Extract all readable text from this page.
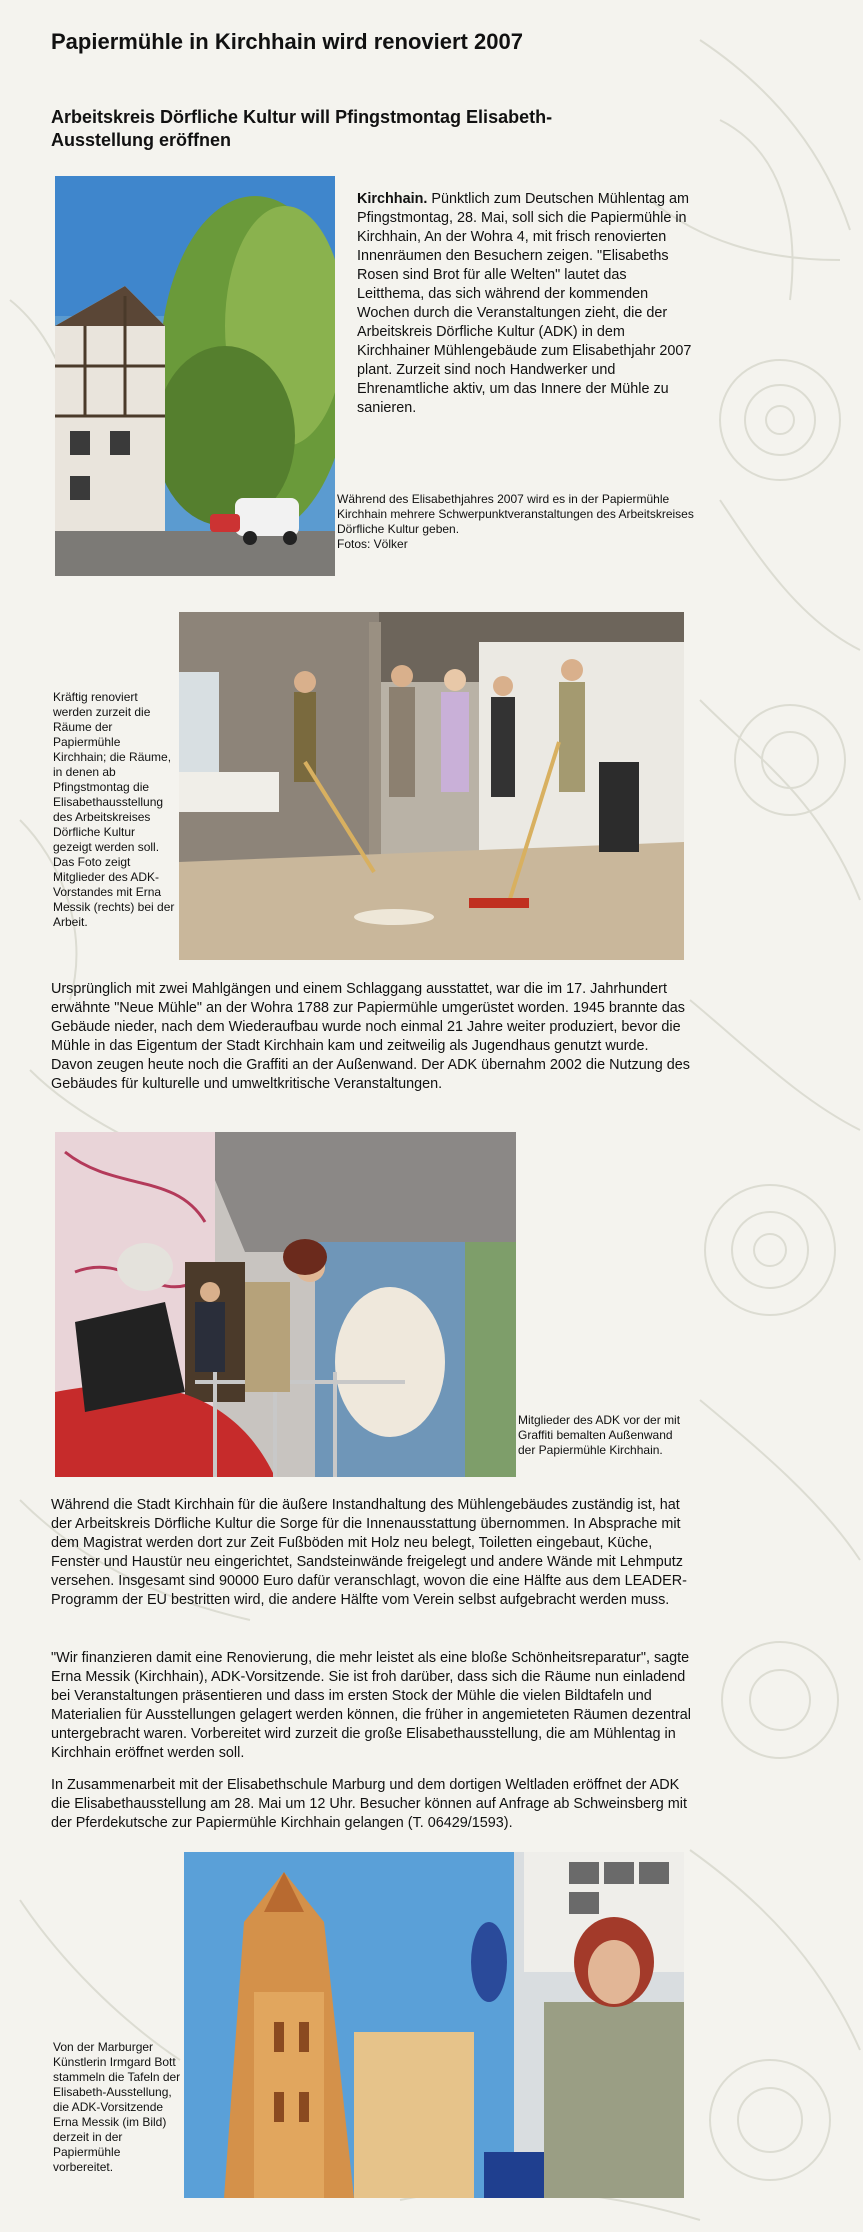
Papiermühle in Kirchhain wird renoviert 2007
Arbeitskreis Dörfliche Kultur will Pfingstmontag Elisabeth-Ausstellung eröffnen

Kirchhain. Pünktlich zum Deutschen Mühlentag am Pfingstmontag, 28. Mai, soll sich die Papiermühle in Kirchhain, An der Wohra 4, mit frisch renovierten Innenräumen den Besuchern zeigen. "Elisabeths Rosen sind Brot für alle Welten" lautet das Leitthema, das sich während der kommenden Wochen durch die Veranstaltungen zieht, die der Arbeitskreis Dörfliche Kultur (ADK) in dem Kirchhainer Mühlengebäude zum Elisabethjahr 2007 plant. Zurzeit sind noch Handwerker und Ehrenamtliche aktiv, um das Innere der Mühle zu sanieren.

Während des Elisabethjahres 2007 wird es in der Papiermühle Kirchhain mehrere Schwerpunktveranstaltungen des Arbeitskreises Dörfliche Kultur geben.
Fotos: Völker
Kräftig renoviert werden zurzeit die Räume der Papiermühle Kirchhain; die Räume, in denen ab Pfingstmontag die Elisabethausstellung des Arbeitskreises Dörfliche Kultur gezeigt werden soll. Das Foto zeigt Mitglieder des ADK-Vorstandes mit Erna Messik (rechts) bei der Arbeit.

Ursprünglich mit zwei Mahlgängen und einem Schlaggang ausstattet, war die im 17. Jahrhundert erwähnte "Neue Mühle" an der Wohra 1788 zur Papiermühle umgerüstet worden. 1945 brannte das Gebäude nieder, nach dem Wiederaufbau wurde noch einmal 21 Jahre weiter produziert, bevor die Mühle in das Eigentum der Stadt Kirchhain kam und zeitweilig als Jugendhaus genutzt wurde. Davon zeugen heute noch die Graffiti an der Außenwand. Der ADK übernahm 2002 die Nutzung des Gebäudes für kulturelle und umweltkritische Veranstaltungen.

Mitglieder des ADK vor der mit Graffiti bemalten Außenwand der Papiermühle Kirchhain.

Während die Stadt Kirchhain für die äußere Instandhaltung des Mühlengebäudes zuständig ist, hat der Arbeitskreis Dörfliche Kultur die Sorge für die Innenausstattung übernommen. In Absprache mit dem Magistrat werden dort zur Zeit Fußböden mit Holz neu belegt, Toiletten eingebaut, Küche, Fenster und Haustür neu eingerichtet, Sandsteinwände freigelegt und andere Wände mit Lehmputz versehen. Insgesamt sind 90000 Euro dafür veranschlagt, wovon die eine Hälfte aus dem LEADER-Programm der EU bestritten wird, die andere Hälfte vom Verein selbst aufgebracht werden muss.

"Wir finanzieren damit eine Renovierung, die mehr leistet als eine bloße Schönheitsreparatur", sagte Erna Messik (Kirchhain), ADK-Vorsitzende. Sie ist froh darüber, dass sich die Räume nun einladend bei Veranstaltungen präsentieren und dass im ersten Stock der Mühle die vielen Bildtafeln und Materialien für Ausstellungen gelagert werden können, die früher in angemieteten Räumen dezentral untergebracht waren. Vorbereitet wird zurzeit die große Elisabethausstellung, die am Mühlentag in Kirchhain eröffnet werden soll.

In Zusammenarbeit mit der Elisabethschule Marburg und dem dortigen Weltladen eröffnet der ADK die Elisabethausstellung am 28. Mai um 12 Uhr. Besucher können auf Anfrage ab Schweinsberg mit der Pferdekutsche zur Papiermühle Kirchhain gelangen (T. 06429/1593).

Von der Marburger Künstlerin Irmgard Bott stammeln die Tafeln der Elisabeth-Ausstellung, die ADK-Vorsitzende Erna Messik (im Bild) derzeit in der Papiermühle vorbereitet.
